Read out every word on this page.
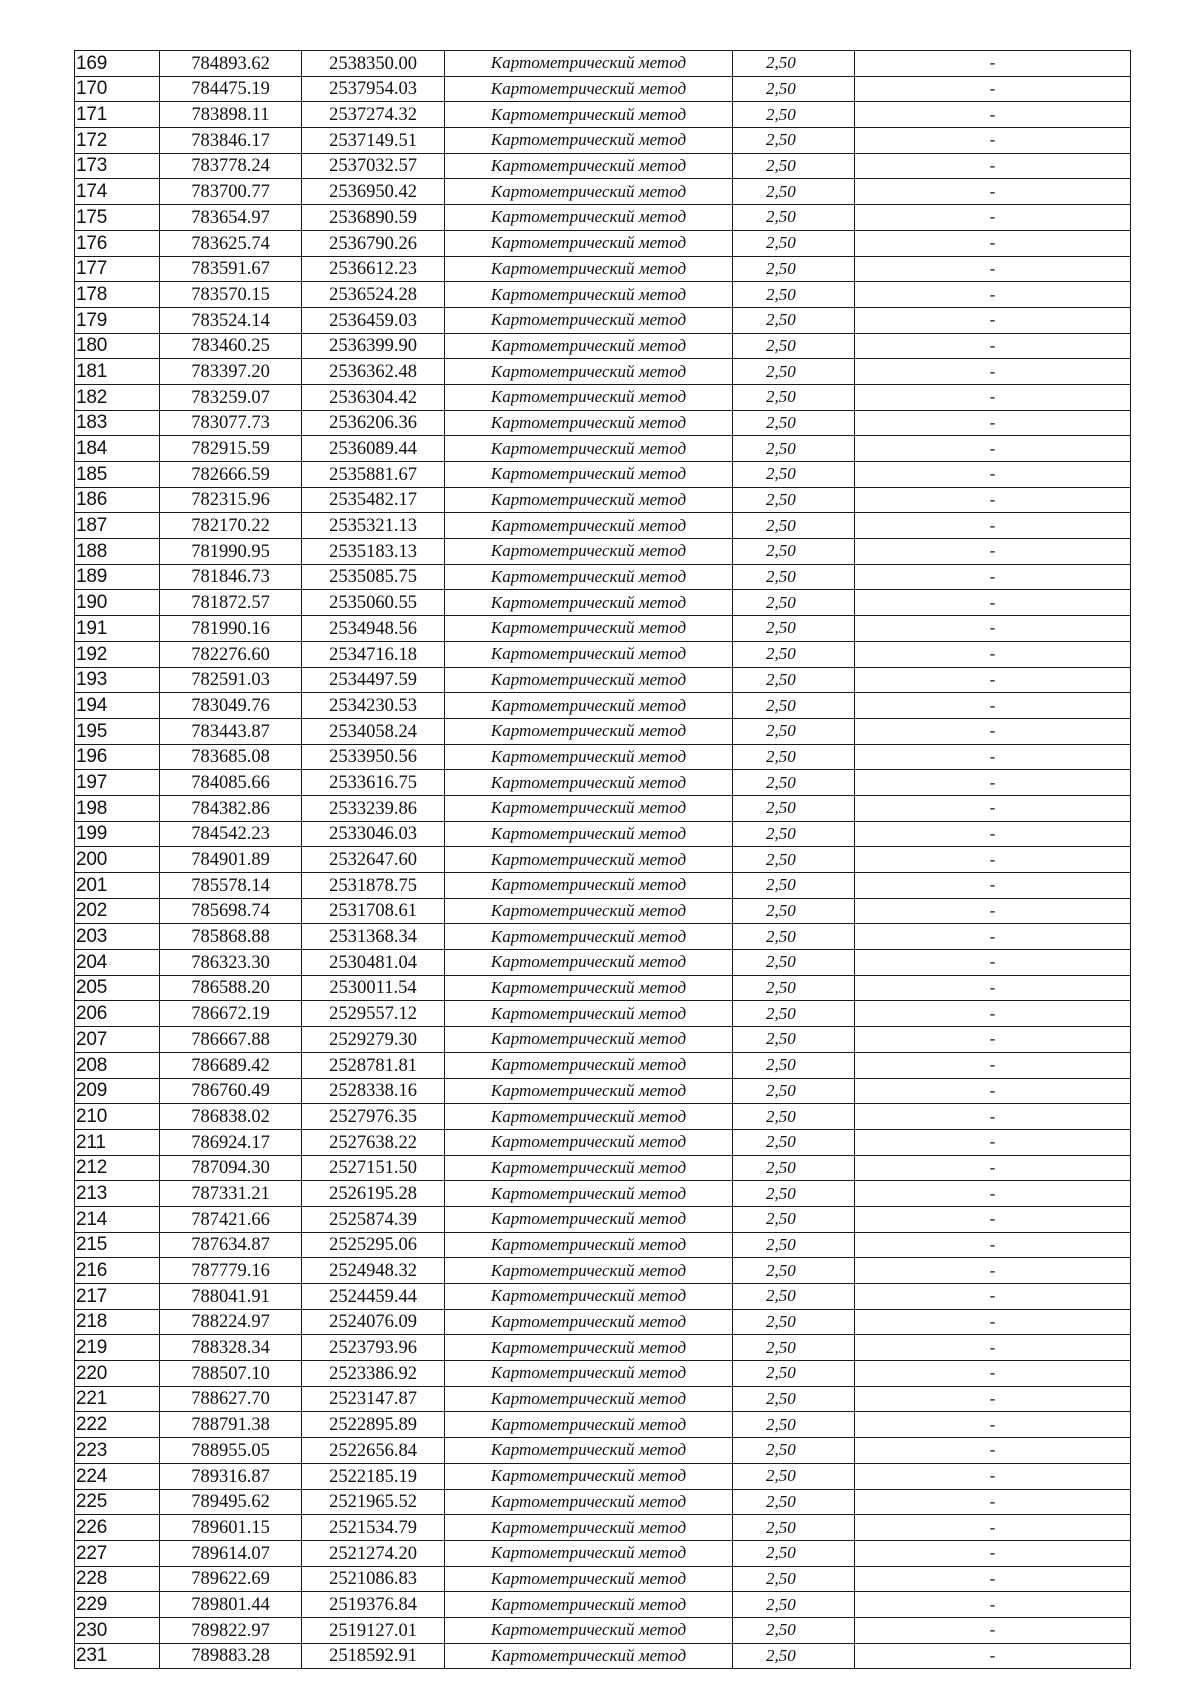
169	784893.62	2538350.00	Картометрический метод	2,50	-
170	784475.19	2537954.03	Картометрический метод	2,50	-
171	783898.11	2537274.32	Картометрический метод	2,50	-
172	783846.17	2537149.51	Картометрический метод	2,50	-
173	783778.24	2537032.57	Картометрический метод	2,50	-
174	783700.77	2536950.42	Картометрический метод	2,50	-
175	783654.97	2536890.59	Картометрический метод	2,50	-
176	783625.74	2536790.26	Картометрический метод	2,50	-
177	783591.67	2536612.23	Картометрический метод	2,50	-
178	783570.15	2536524.28	Картометрический метод	2,50	-
179	783524.14	2536459.03	Картометрический метод	2,50	-
180	783460.25	2536399.90	Картометрический метод	2,50	-
181	783397.20	2536362.48	Картометрический метод	2,50	-
182	783259.07	2536304.42	Картометрический метод	2,50	-
183	783077.73	2536206.36	Картометрический метод	2,50	-
184	782915.59	2536089.44	Картометрический метод	2,50	-
185	782666.59	2535881.67	Картометрический метод	2,50	-
186	782315.96	2535482.17	Картометрический метод	2,50	-
187	782170.22	2535321.13	Картометрический метод	2,50	-
188	781990.95	2535183.13	Картометрический метод	2,50	-
189	781846.73	2535085.75	Картометрический метод	2,50	-
190	781872.57	2535060.55	Картометрический метод	2,50	-
191	781990.16	2534948.56	Картометрический метод	2,50	-
192	782276.60	2534716.18	Картометрический метод	2,50	-
193	782591.03	2534497.59	Картометрический метод	2,50	-
194	783049.76	2534230.53	Картометрический метод	2,50	-
195	783443.87	2534058.24	Картометрический метод	2,50	-
196	783685.08	2533950.56	Картометрический метод	2,50	-
197	784085.66	2533616.75	Картометрический метод	2,50	-
198	784382.86	2533239.86	Картометрический метод	2,50	-
199	784542.23	2533046.03	Картометрический метод	2,50	-
200	784901.89	2532647.60	Картометрический метод	2,50	-
201	785578.14	2531878.75	Картометрический метод	2,50	-
202	785698.74	2531708.61	Картометрический метод	2,50	-
203	785868.88	2531368.34	Картометрический метод	2,50	-
204	786323.30	2530481.04	Картометрический метод	2,50	-
205	786588.20	2530011.54	Картометрический метод	2,50	-
206	786672.19	2529557.12	Картометрический метод	2,50	-
207	786667.88	2529279.30	Картометрический метод	2,50	-
208	786689.42	2528781.81	Картометрический метод	2,50	-
209	786760.49	2528338.16	Картометрический метод	2,50	-
210	786838.02	2527976.35	Картометрический метод	2,50	-
211	786924.17	2527638.22	Картометрический метод	2,50	-
212	787094.30	2527151.50	Картометрический метод	2,50	-
213	787331.21	2526195.28	Картометрический метод	2,50	-
214	787421.66	2525874.39	Картометрический метод	2,50	-
215	787634.87	2525295.06	Картометрический метод	2,50	-
216	787779.16	2524948.32	Картометрический метод	2,50	-
217	788041.91	2524459.44	Картометрический метод	2,50	-
218	788224.97	2524076.09	Картометрический метод	2,50	-
219	788328.34	2523793.96	Картометрический метод	2,50	-
220	788507.10	2523386.92	Картометрический метод	2,50	-
221	788627.70	2523147.87	Картометрический метод	2,50	-
222	788791.38	2522895.89	Картометрический метод	2,50	-
223	788955.05	2522656.84	Картометрический метод	2,50	-
224	789316.87	2522185.19	Картометрический метод	2,50	-
225	789495.62	2521965.52	Картометрический метод	2,50	-
226	789601.15	2521534.79	Картометрический метод	2,50	-
227	789614.07	2521274.20	Картометрический метод	2,50	-
228	789622.69	2521086.83	Картометрический метод	2,50	-
229	789801.44	2519376.84	Картометрический метод	2,50	-
230	789822.97	2519127.01	Картометрический метод	2,50	-
231	789883.28	2518592.91	Картометрический метод	2,50	-
